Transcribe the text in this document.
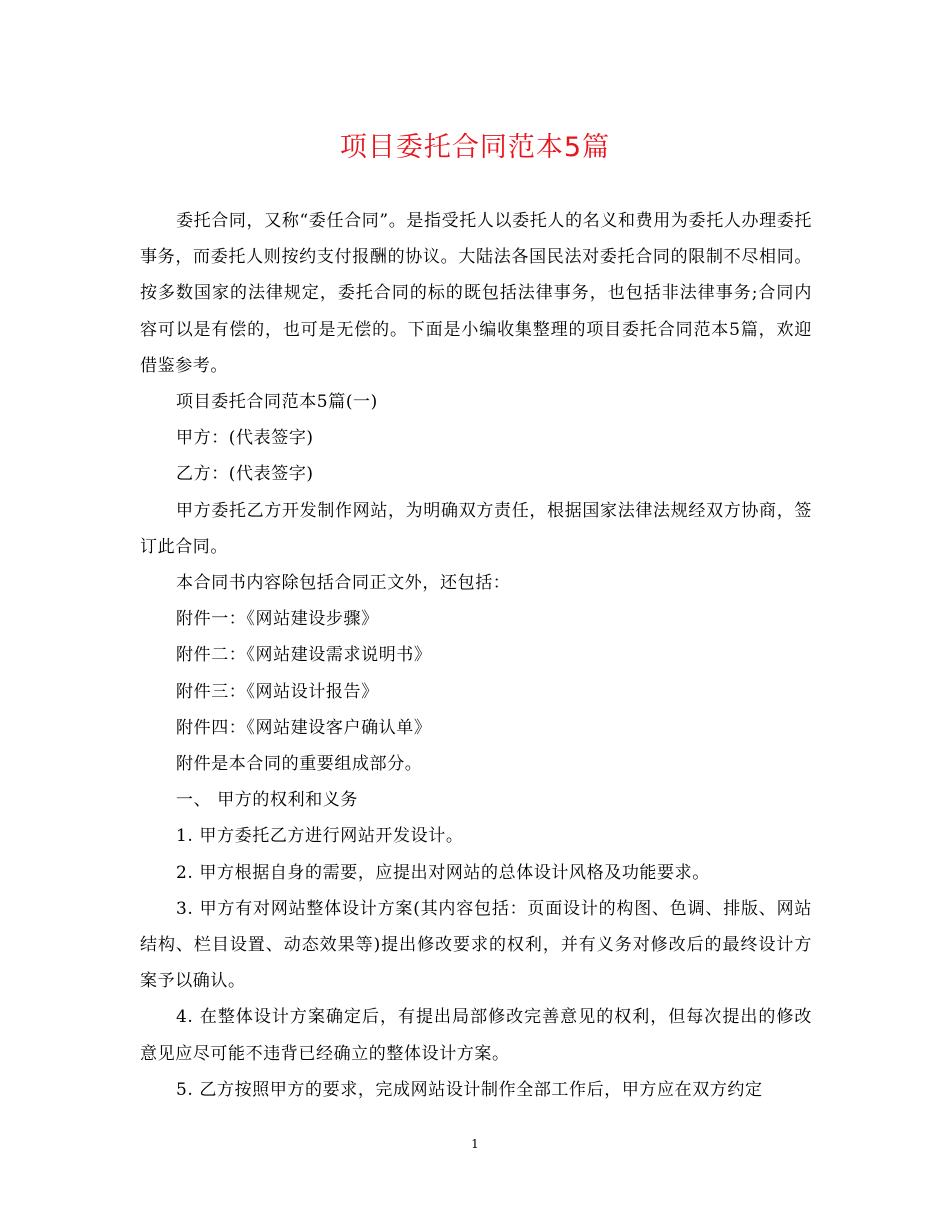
项目委托合同范本5篇

委托合同，又称“委任合同”。是指受托人以委托人的名义和费用为委托人办理委托事务，而委托人则按约支付报酬的协议。大陆法各国民法对委托合同的限制不尽相同。按多数国家的法律规定，委托合同的标的既包括法律事务，也包括非法律事务;合同内容可以是有偿的，也可是无偿的。下面是小编收集整理的项目委托合同范本5篇，欢迎借鉴参考。

项目委托合同范本5篇(一)

甲方：(代表签字)

乙方：(代表签字)

甲方委托乙方开发制作网站，为明确双方责任，根据国家法律法规经双方协商，签订此合同。

本合同书内容除包括合同正文外，还包括：

附件一：《网站建设步骤》

附件二：《网站建设需求说明书》

附件三：《网站设计报告》

附件四：《网站建设客户确认单》

附件是本合同的重要组成部分。

一、 甲方的权利和义务

1. 甲方委托乙方进行网站开发设计。

2. 甲方根据自身的需要，应提出对网站的总体设计风格及功能要求。

3. 甲方有对网站整体设计方案(其内容包括：页面设计的构图、色调、排版、网站结构、栏目设置、动态效果等)提出修改要求的权利，并有义务对修改后的最终设计方案予以确认。

4. 在整体设计方案确定后，有提出局部修改完善意见的权利，但每次提出的修改意见应尽可能不违背已经确立的整体设计方案。

5. 乙方按照甲方的要求，完成网站设计制作全部工作后，甲方应在双方约定

1
